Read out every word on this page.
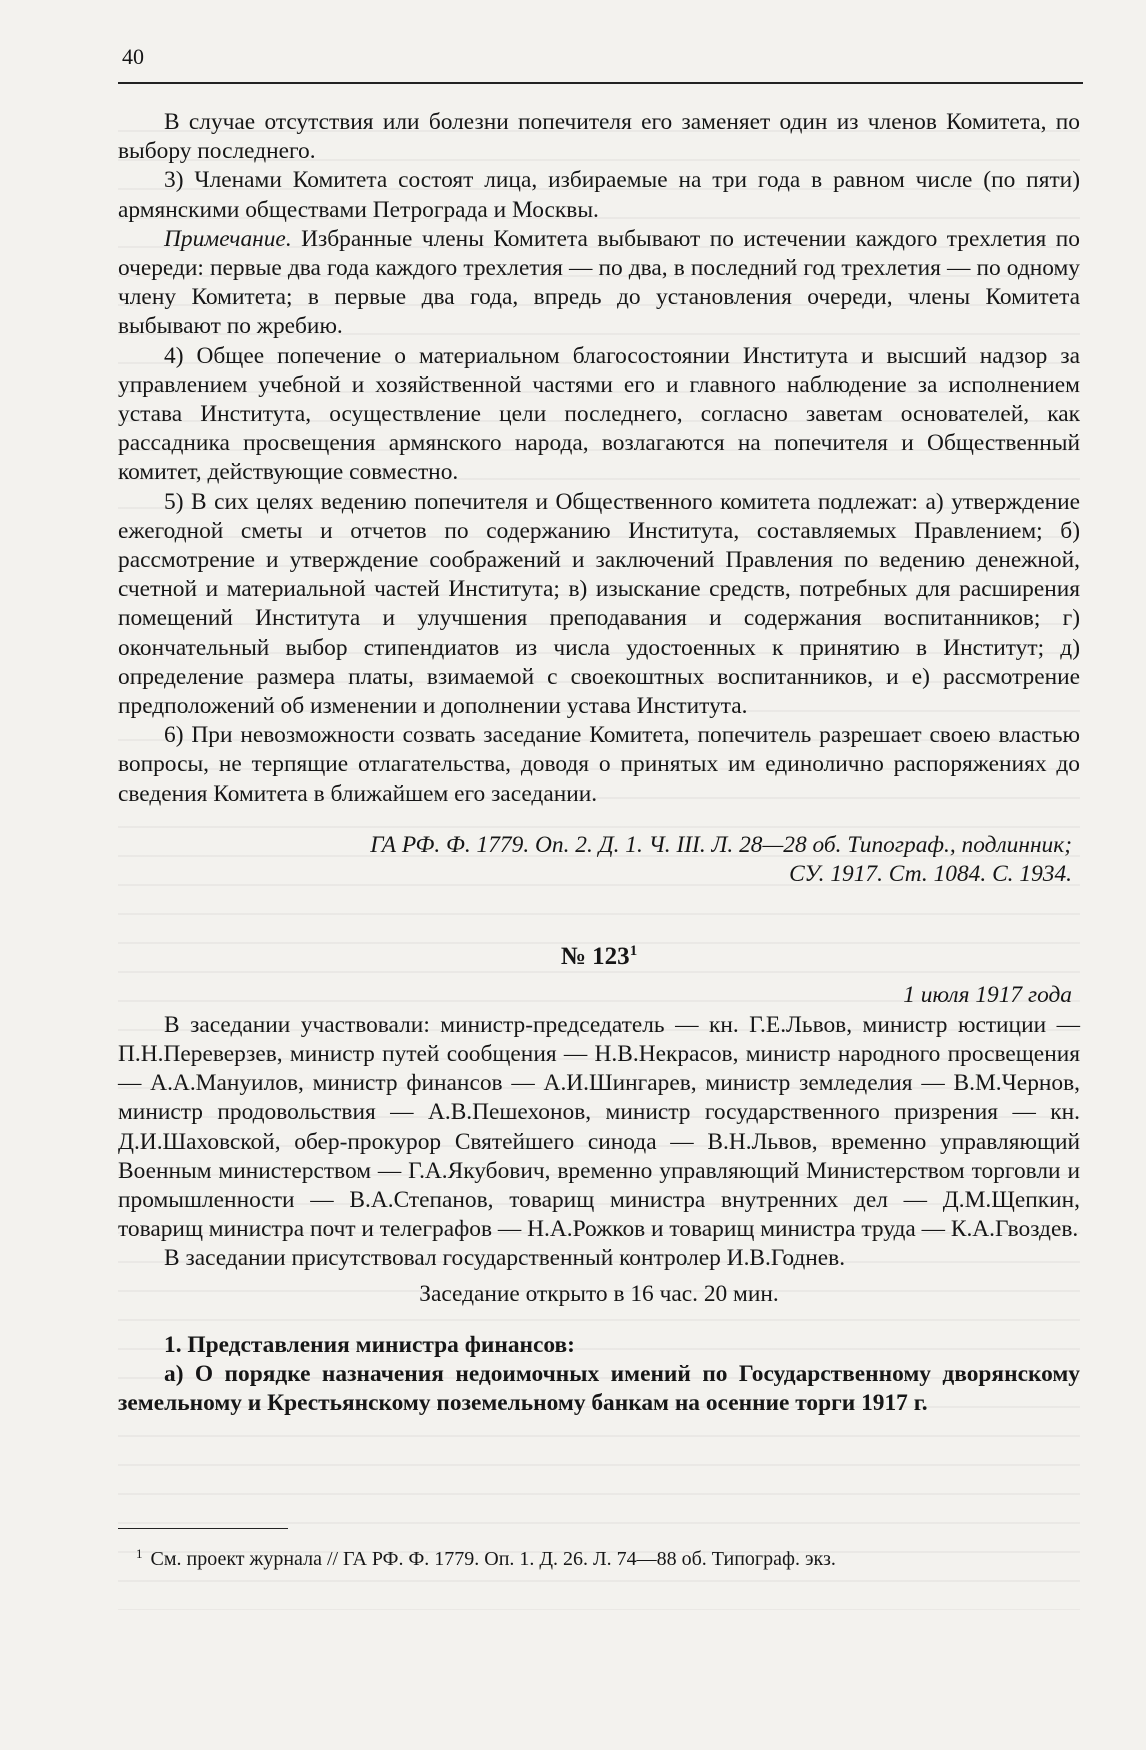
40

В случае отсутствия или болезни попечителя его заменяет один из членов Комитета, по выбору последнего.

3) Членами Комитета состоят лица, избираемые на три года в равном числе (по пяти) армянскими обществами Петрограда и Москвы.

Примечание. Избранные члены Комитета выбывают по истечении каждого трехлетия по очереди: первые два года каждого трехлетия — по два, в последний год трехлетия — по одному члену Комитета; в первые два года, впредь до установления очереди, члены Комитета выбывают по жребию.

4) Общее попечение о материальном благосостоянии Института и высший надзор за управлением учебной и хозяйственной частями его и главного наблюдение за исполнением устава Института, осуществление цели последнего, согласно заветам основателей, как рассадника просвещения армянского народа, возлагаются на попечителя и Общественный комитет, действующие совместно.

5) В сих целях ведению попечителя и Общественного комитета подлежат: а) утверждение ежегодной сметы и отчетов по содержанию Института, составляемых Правлением; б) рассмотрение и утверждение соображений и заключений Правления по ведению денежной, счетной и материальной частей Института; в) изыскание средств, потребных для расширения помещений Института и улучшения преподавания и содержания воспитанников; г) окончательный выбор стипендиатов из числа удостоенных к принятию в Институт; д) определение размера платы, взимаемой с своекоштных воспитанников, и е) рассмотрение предположений об изменении и дополнении устава Института.

6) При невозможности созвать заседание Комитета, попечитель разрешает своею властью вопросы, не терпящие отлагательства, доводя о принятых им единолично распоряжениях до сведения Комитета в ближайшем его заседании.

ГА РФ. Ф. 1779. Оп. 2. Д. 1. Ч. III. Л. 28—28 об. Типограф., подлинник;
СУ. 1917. Ст. 1084. С. 1934.

№ $123^1$

1 июля 1917 года

В заседании участвовали: министр-председатель — кн. Г.Е.Львов, министр юстиции — П.Н.Переверзев, министр путей сообщения — Н.В.Некрасов, министр народного просвещения — А.А.Мануилов, министр финансов — А.И.Шингарев, министр земледелия — В.М.Чернов, министр продовольствия — А.В.Пешехонов, министр государственного призрения — кн. Д.И.Шаховской, обер-прокурор Святейшего синода — В.Н.Львов, временно управляющий Военным министерством — Г.А.Якубович, временно управляющий Министерством торговли и промышленности — В.А.Степанов, товарищ министра внутренних дел — Д.М.Щепкин, товарищ министра почт и телеграфов — Н.А.Рожков и товарищ министра труда — К.А.Гвоздев.

В заседании присутствовал государственный контролер И.В.Годнев.

Заседание открыто в 16 час. 20 мин.

1. Представления министра финансов:

а) О порядке назначения недоимочных имений по Государственному дворянскому земельному и Крестьянскому поземельному банкам на осенние торги 1917 г.

$^1$ См. проект журнала // ГА РФ. Ф. 1779. Оп. 1. Д. 26. Л. 74—88 об. Типограф. экз.
